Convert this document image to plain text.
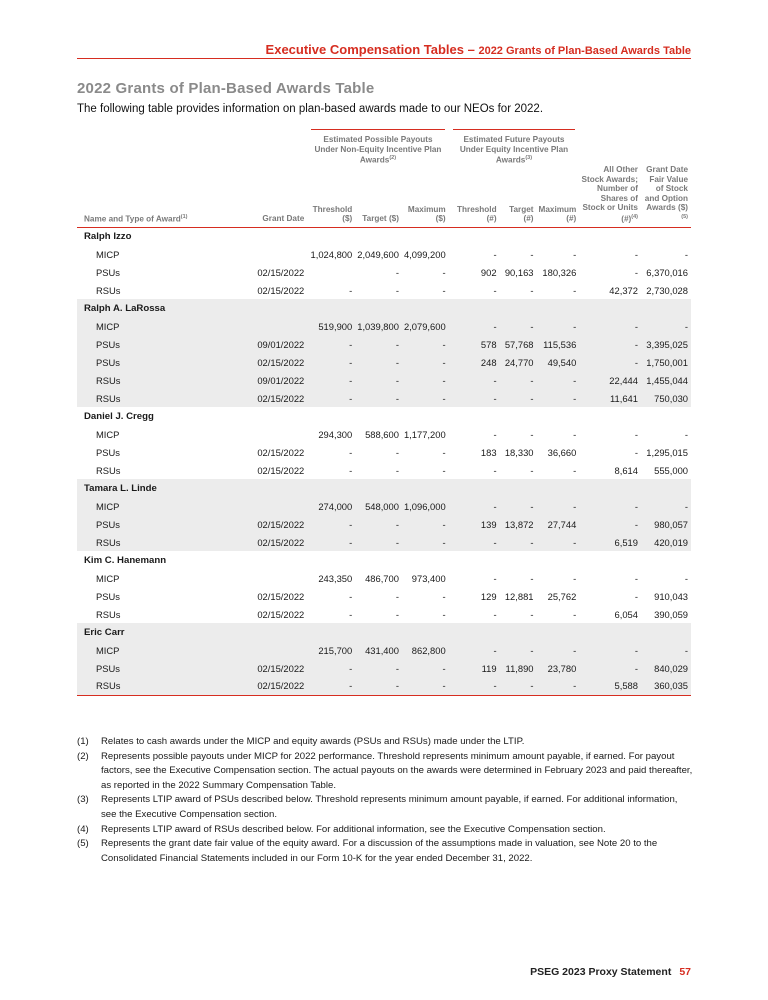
Executive Compensation Tables – 2022 Grants of Plan-Based Awards Table
2022 Grants of Plan-Based Awards Table
The following table provides information on plan-based awards made to our NEOs for 2022.

		Estimated Possible Payouts Under Non-Equity Incentive Plan Awards$^{(2)}$			Estimated Future Payouts Under Equity Incentive Plan Awards$^{(3)}$

Name and Type of Award$^{(1)}$	Grant Date	Threshold ($)	Target ($)	Maximum ($)	Threshold (#)	Target (#)	Maximum (#)	All Other Stock Awards; Number of Shares of Stock or Units (#)$^{(4)}$	Grant Date Fair Value of Stock and Option Awards ($)$^{(5)}$
Ralph Izzo									
MICP		1,024,800	2,049,600	4,099,200	-	-	-	-	-
PSUs	02/15/2022		-	-	902	90,163	180,326	-	6,370,016
RSUs	02/15/2022	-	-	-	-	-	-	42,372	2,730,028
Ralph A. LaRossa									
MICP		519,900	1,039,800	2,079,600	-	-	-	-	-
PSUs	09/01/2022	-	-	-	578	57,768	115,536	-	3,395,025
PSUs	02/15/2022	-	-	-	248	24,770	49,540	-	1,750,001
RSUs	09/01/2022	-	-	-	-	-	-	22,444	1,455,044
RSUs	02/15/2022	-	-	-	-	-	-	11,641	750,030
Daniel J. Cregg									
MICP		294,300	588,600	1,177,200	-	-	-	-	-
PSUs	02/15/2022	-	-	-	183	18,330	36,660	-	1,295,015
RSUs	02/15/2022	-	-	-	-	-	-	8,614	555,000
Tamara L. Linde									
MICP		274,000	548,000	1,096,000	-	-	-	-	-
PSUs	02/15/2022	-	-	-	139	13,872	27,744	-	980,057
RSUs	02/15/2022	-	-	-	-	-	-	6,519	420,019
Kim C. Hanemann									
MICP		243,350	486,700	973,400	-	-	-	-	-
PSUs	02/15/2022	-	-	-	129	12,881	25,762	-	910,043
RSUs	02/15/2022	-	-	-	-	-	-	6,054	390,059
Eric Carr									
MICP		215,700	431,400	862,800	-	-	-	-	-
PSUs	02/15/2022	-	-	-	119	11,890	23,780	-	840,029
RSUs	02/15/2022	-	-	-	-	-	-	5,588	360,035
(1)	Relates to cash awards under the MICP and equity awards (PSUs and RSUs) made under the LTIP.
(2)	Represents possible payouts under MICP for 2022 performance. Threshold represents minimum amount payable, if earned. For payout factors, see the Executive Compensation section. The actual payouts on the awards were determined in February 2023 and paid thereafter, as reported in the 2022 Summary Compensation Table.
(3)	Represents LTIP award of PSUs described below. Threshold represents minimum amount payable, if earned. For additional information, see the Executive Compensation section.
(4)	Represents LTIP award of RSUs described below. For additional information, see the Executive Compensation section.
(5)	Represents the grant date fair value of the equity award. For a discussion of the assumptions made in valuation, see Note 20 to the Consolidated Financial Statements included in our Form 10-K for the year ended December 31, 2022.
PSEG 2023 Proxy Statement 57
